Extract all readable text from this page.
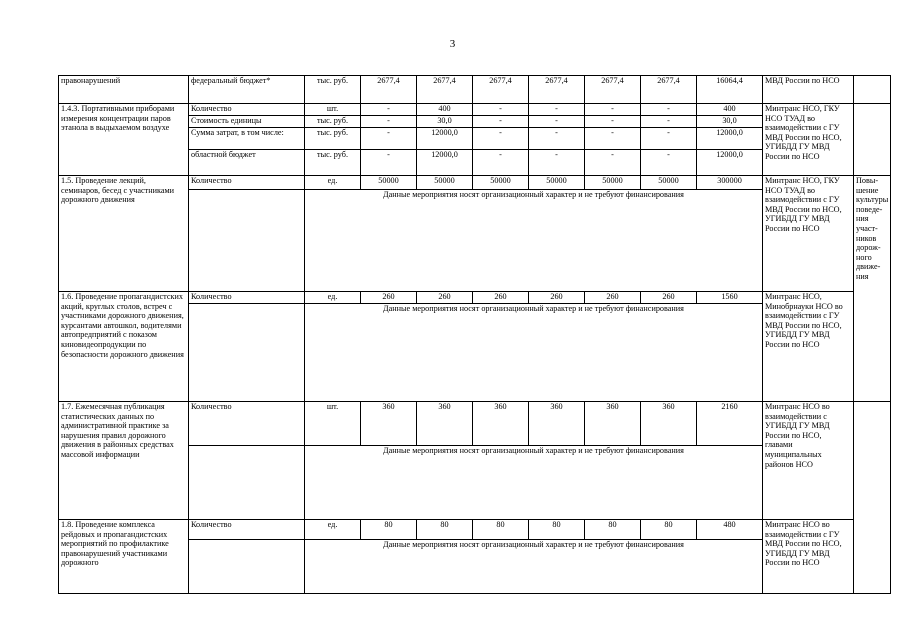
3
правонарушений	федеральный бюджет*	тыс. руб.	2677,4	2677,4	2677,4	2677,4	2677,4	2677,4	16064,4	МВД России по НСО	
1.4.3. Портативными приборами измерения концентрации паров этанола в выдыхаемом воздухе	Количество	шт.	-	400	-	-	-	-	400	Минтранс НСО, ГКУ НСО ТУАД во взаимодействии с ГУ МВД России по НСО, УГИБДД ГУ МВД России по НСО	
	Стоимость единицы	тыс. руб.	-	30,0	-	-	-	-	30,0		
	Сумма затрат, в том числе:	тыс. руб.	-	12000,0	-	-	-	-	12000,0		
	областной бюджет	тыс. руб.	-	12000,0	-	-	-	-	12000,0		
1.5. Проведение лекций, семинаров, бесед с участниками дорожного движения	Количество	ед.	50000	50000	50000	50000	50000	50000	300000	Минтранс НСО, ГКУ НСО ТУАД во взаимодействии с ГУ МВД России по НСО, УГИБДД ГУ МВД России по НСО	Повы-шение культуры поведе-ния участ-ников дорож-ного движе-ния
		Данные мероприятия носят организационный характер и не требуют финансирования									
1.6. Проведение пропагандистских акций, круглых столов, встреч с участниками дорожного движения, курсантами автошкол, водителями автопредприятий с показом киновидеопродукции по безопасности дорожного движения	Количество	ед.	260	260	260	260	260	260	1560	Минтранс НСО, Минобрнауки НСО во взаимодействии с ГУ МВД России по НСО, УГИБДД ГУ МВД России по НСО	
		Данные мероприятия носят организационный характер и не требуют финансирования									
1.7. Ежемесячная публикация статистических данных по административной практике за нарушения правил дорожного движения в районных средствах массовой информации	Количество	шт.	360	360	360	360	360	360	2160	Минтранс НСО во взаимодействии с УГИБДД ГУ МВД России по НСО, главами муниципальных районов НСО	
		Данные мероприятия носят организационный характер и не требуют финансирования									
1.8. Проведение комплекса рейдовых и пропагандистских мероприятий по профилактике правонарушений участниками дорожного	Количество	ед.	80	80	80	80	80	80	480	Минтранс НСО во взаимодействии с ГУ МВД России по НСО, УГИБДД ГУ МВД России по НСО	
		Данные мероприятия носят организационный характер и не требуют финансирования									
